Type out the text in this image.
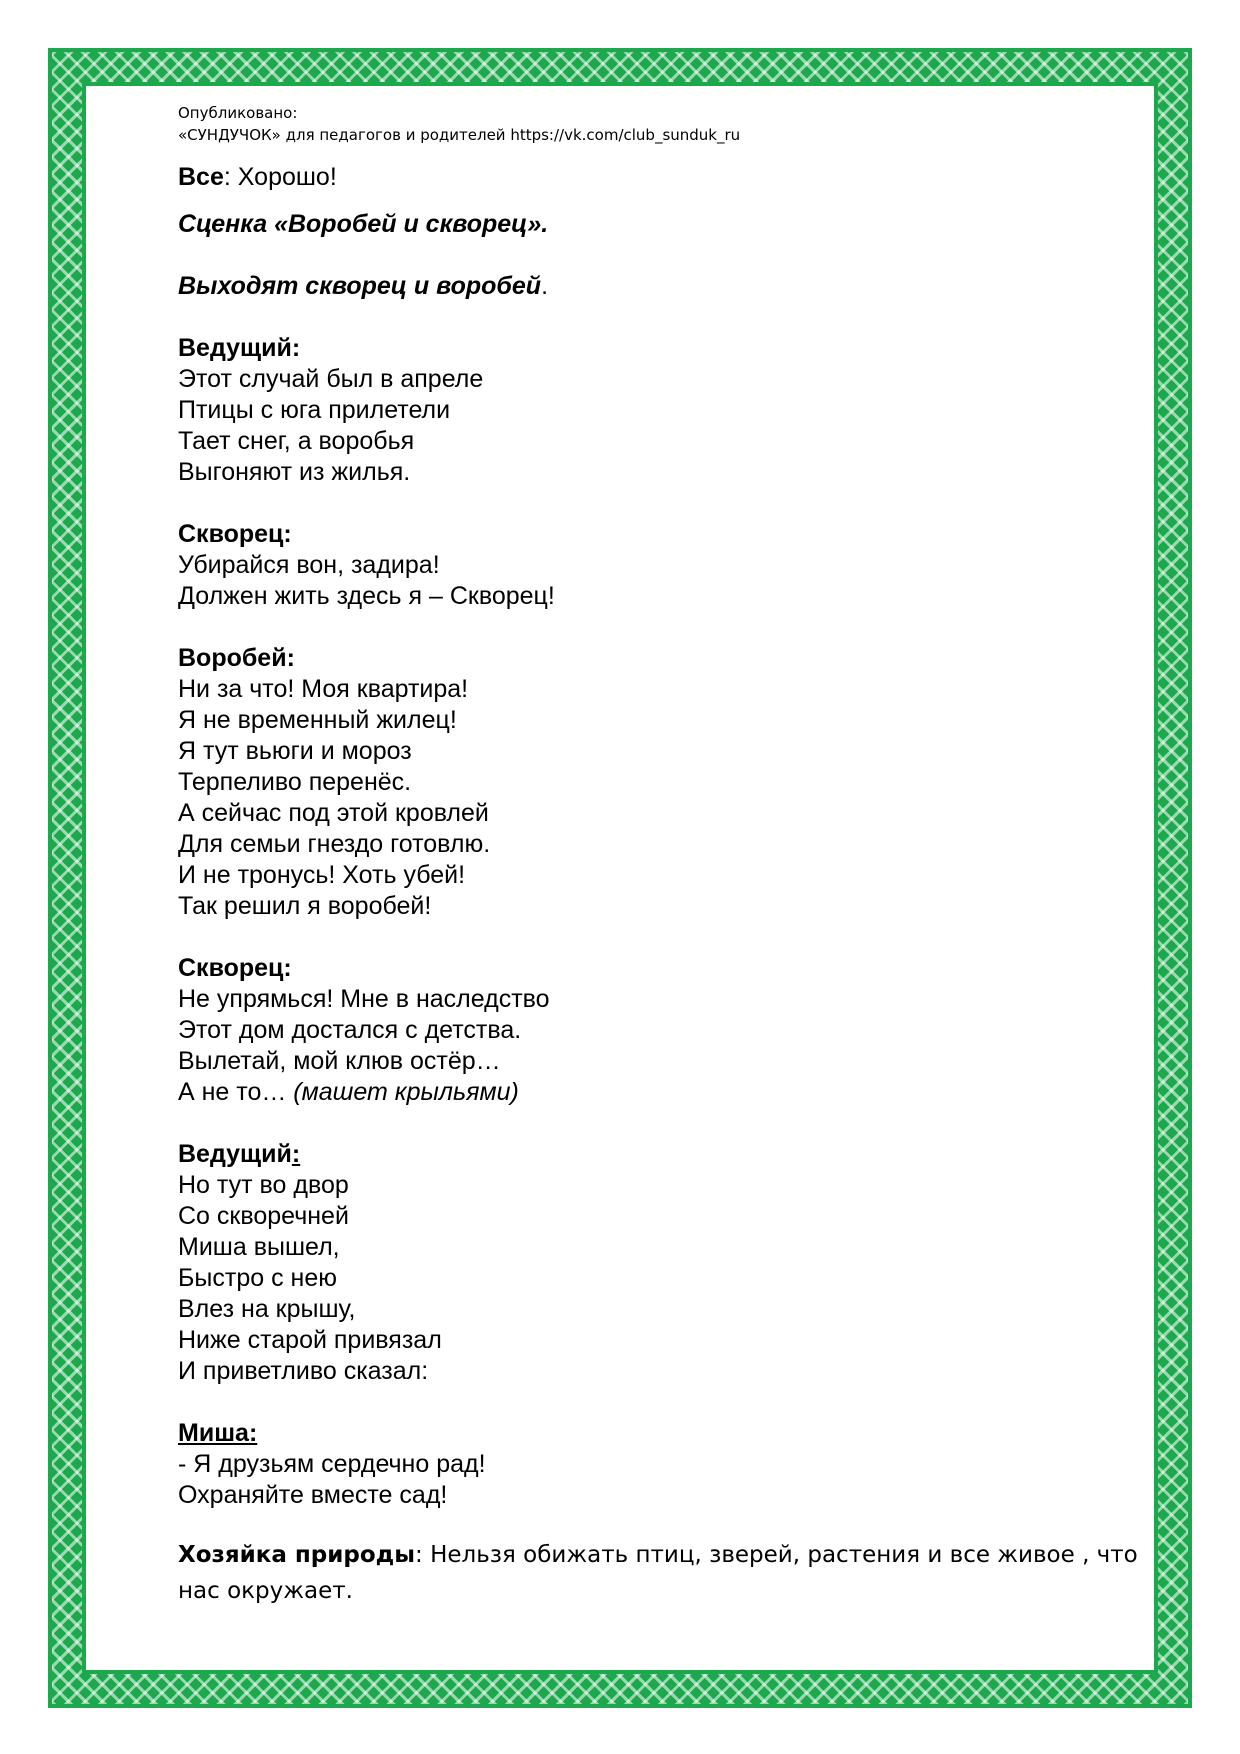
Опубликовано:
«СУНДУЧОК» для педагогов и родителей https://vk.com/club_sunduk_ru
Все: Хорошо!
Сценка «Воробей и скворец».
Выходят скворец и воробей.
Ведущий:
Этот случай был в апреле
Птицы с юга прилетели
Тает снег, а воробья
Выгоняют из жилья.
Скворец:
Убирайся вон, задира!
Должен жить здесь я – Скворец!
Воробей:
Ни за что! Моя квартира!
Я не временный жилец!
Я тут вьюги и мороз
Терпеливо перенёс.
А сейчас под этой кровлей
Для семьи гнездо готовлю.
И не тронусь! Хоть убей!
Так решил я воробей!
Скворец:
Не упрямься! Мне в наследство
Этот дом достался с детства.
Вылетай, мой клюв остёр…
А не то… (машет крыльями)
Ведущий:
Но тут во двор
Со скворечней
Миша вышел,
Быстро с нею
Влез на крышу,
Ниже старой привязал
И приветливо сказал:
Миша:
- Я друзьям сердечно рад!
Охраняйте вместе сад!
Хозяйка природы: Нельзя обижать птиц, зверей, растения и все живое , что нас окружает.
